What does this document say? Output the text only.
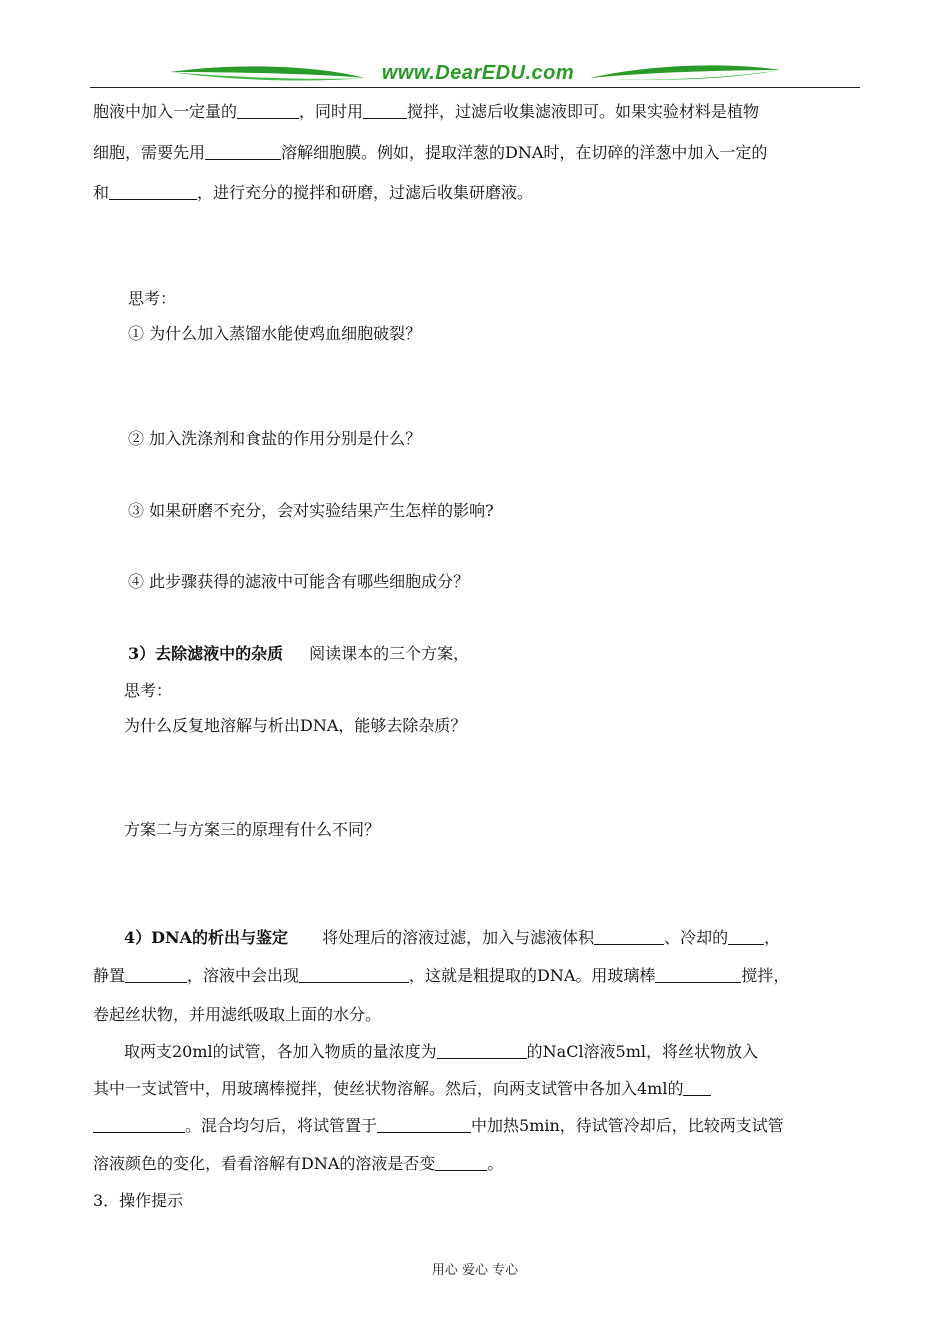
www.DearEDU.com
胞液中加入一定量的	，同时用	搅拌，过滤后收集滤液即可。如果实验材料是植物
细胞，需要先用	溶解细胞膜。例如，提取洋葱的DNA时，在切碎的洋葱中加入一定的
和	，进行充分的搅拌和研磨，过滤后收集研磨液。
思考：
① 为什么加入蒸馏水能使鸡血细胞破裂？
② 加入洗涤剂和食盐的作用分别是什么？
③ 如果研磨不充分，会对实验结果产生怎样的影响?
④ 此步骤获得的滤液中可能含有哪些细胞成分？
3）去除滤液中的杂质 阅读课本的三个方案，
思考：
为什么反复地溶解与析出DNA，能够去除杂质？
方案二与方案三的原理有什么不同？
4）DNA的析出与鉴定 将处理后的溶液过滤，加入与滤液体积	、冷却的 ，
静置	，溶液中会出现	，这就是粗提取的DNA。用玻璃棒	搅拌，
卷起丝状物，并用滤纸吸取上面的水分。
取两支20ml的试管，各加入物质的量浓度为	的NaCl溶液5ml，将丝状物放入
其中一支试管中，用玻璃棒搅拌，使丝状物溶解。然后，向两支试管中各加入4ml的
。混合均匀后，将试管置于	中加热5min，待试管冷却后，比较两支试管
溶液颜色的变化，看看溶解有DNA的溶液是否变	。
3．操作提示
用心 爱心 专心
